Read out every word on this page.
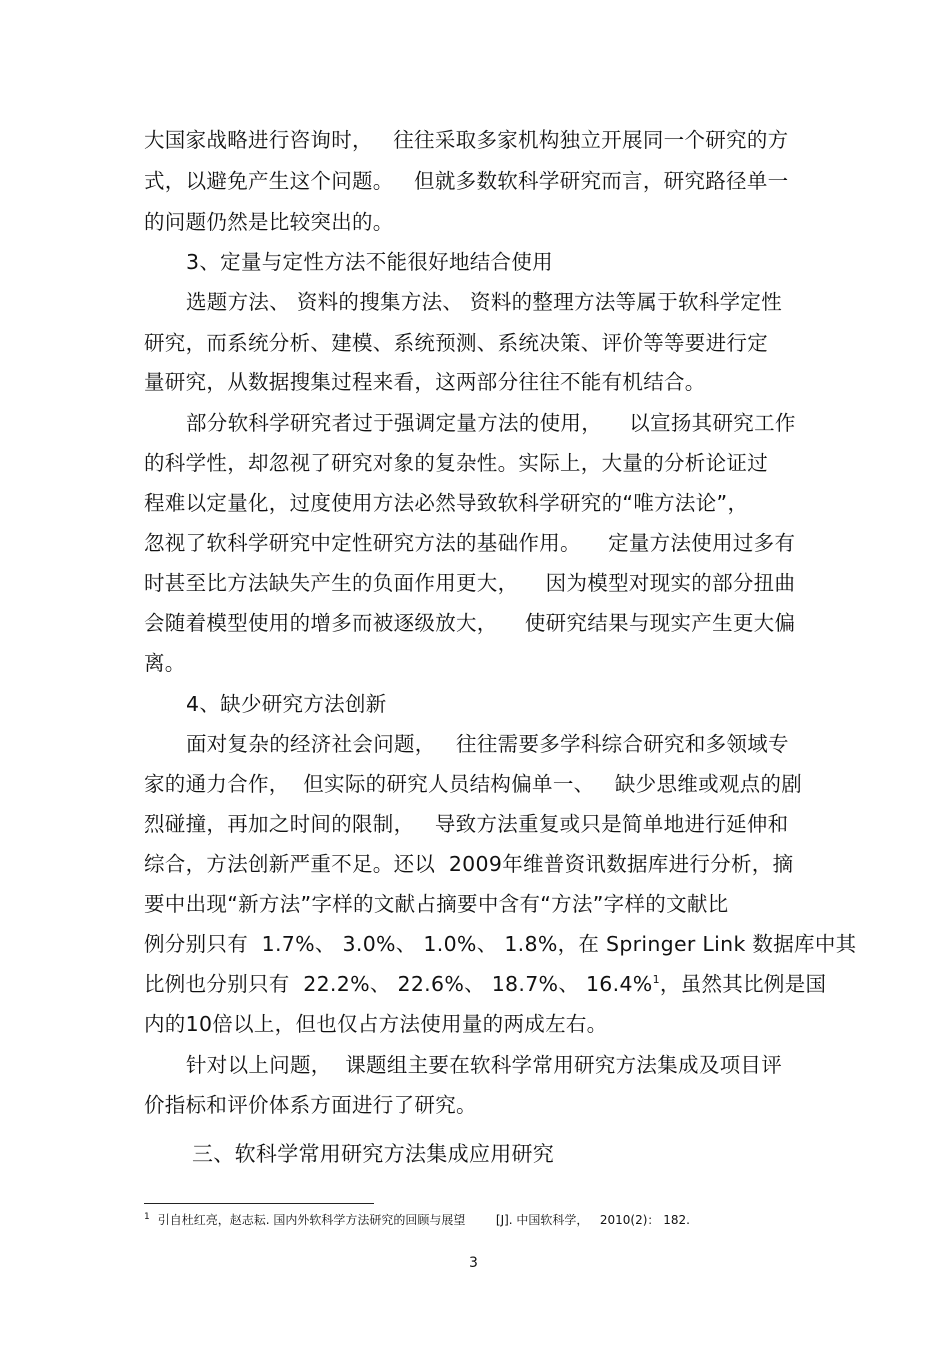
大国家战略进行咨询时，   往往采取多家机构独立开展同一个研究的方
式，以避免产生这个问题。   但就多数软科学研究而言，研究路径单一
的问题仍然是比较突出的。
3、定量与定性方法不能很好地结合使用
选题方法、 资料的搜集方法、 资料的整理方法等属于软科学定性
研究，而系统分析、建模、系统预测、系统决策、评价等等要进行定
量研究，从数据搜集过程来看，这两部分往往不能有机结合。
部分软科学研究者过于强调定量方法的使用，    以宣扬其研究工作
的科学性，却忽视了研究对象的复杂性。实际上，大量的分析论证过
程难以定量化，过度使用方法必然导致软科学研究的“唯方法论”，
忽视了软科学研究中定性研究方法的基础作用。    定量方法使用过多有
时甚至比方法缺失产生的负面作用更大，    因为模型对现实的部分扭曲
会随着模型使用的增多而被逐级放大，    使研究结果与现实产生更大偏
离。
4、缺少研究方法创新
面对复杂的经济社会问题，   往往需要多学科综合研究和多领域专
家的通力合作，  但实际的研究人员结构偏单一、   缺少思维或观点的剧
烈碰撞，再加之时间的限制，   导致方法重复或只是简单地进行延伸和
综合，方法创新严重不足。还以  2009年维普资讯数据库进行分析，摘
要中出现“新方法”字样的文献占摘要中含有“方法”字样的文献比
例分别只有  1.7%、 3.0%、 1.0%、 1.8%，在 Springer Link 数据库中其
比例也分别只有  22.2%、 22.6%、 18.7%、 16.4%$^1$，虽然其比例是国
内的10倍以上，但也仅占方法使用量的两成左右。
针对以上问题，  课题组主要在软科学常用研究方法集成及项目评
价指标和评价体系方面进行了研究。
三、软科学常用研究方法集成应用研究
$^1$ 引自杜红亮，赵志耘. 国内外软科学方法研究的回顾与展望        [J]. 中国软科学，   2010(2)： 182.
3
